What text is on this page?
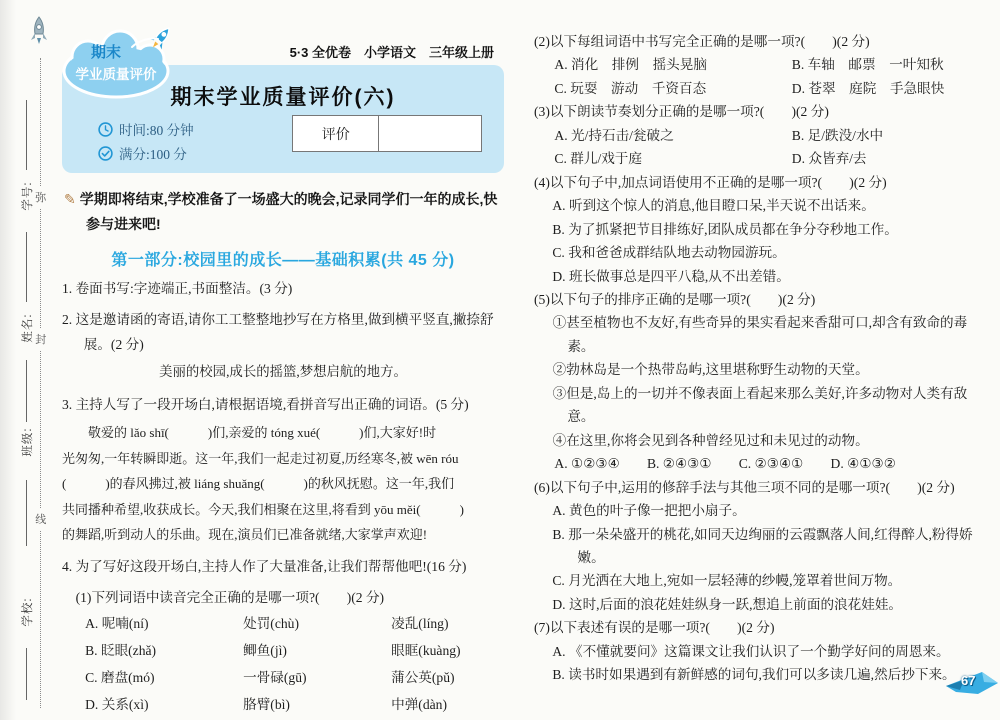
弥
封
线
学号:
姓名:
班级:
学校:
5·3 全优卷　小学语文　三年级上册
期末
学业质量评价
期末学业质量评价(六)
时间:80 分钟
满分:100 分
评价

✎ 学期即将结束,学校准备了一场盛大的晚会,记录同学们一年的成长,快参与进来吧!

第一部分:校园里的成长——基础积累(共 45 分)

1. 卷面书写:字迹端正,书面整洁。(3 分)

2. 这是邀请函的寄语,请你工工整整地抄写在方格里,做到横平竖直,撇捺舒展。(2 分)

美丽的校园,成长的摇篮,梦想启航的地方。

3. 主持人写了一段开场白,请根据语境,看拼音写出正确的词语。(5 分)

敬爱的 lǎo shī(　　　)们,亲爱的 tóng xué(　　　)们,大家好!时
光匆匆,一年转瞬即逝。这一年,我们一起走过初夏,历经寒冬,被 wēn róu
(　　　)的春风拂过,被 liáng shuǎng(　　　)的秋风抚慰。这一年,我们
共同播种希望,收获成长。今天,我们相聚在这里,将看到 yōu měi(　　　)
的舞蹈,听到动人的乐曲。现在,演员们已准备就绪,大家掌声欢迎!

4. 为了写好这段开场白,主持人作了大量准备,让我们帮帮他吧!(16 分)

(1)下列词语中读音完全正确的是哪一项?(　　)(2 分)

A. 呢喃(ní)	处罚(chù)	凌乱(líng)
B. 眨眼(zhǎ)	鲫鱼(jì)	眼眶(kuàng)
C. 磨盘(mó)	一骨碌(gū)	蒲公英(pǔ)
D. 关系(xì)	胳臂(bì)	中弹(dàn)
(2)以下每组词语中书写完全正确的是哪一项?(　　)(2 分)
A. 消化　排例　摇头晃脑	B. 车轴　邮票　一叶知秋
C. 玩耍　游动　千资百态	D. 苍翠　庭院　手急眼快
(3)以下朗读节奏划分正确的是哪一项?(　　)(2 分)
A. 光/持石击/瓮破之	B. 足/跌没/水中
C. 群儿/戏于庭	D. 众皆弃/去
(4)以下句子中,加点词语使用不正确的是哪一项?(　　)(2 分)
A. 听到这个惊人的消息,他目瞪口呆,半天说不出话来。
B. 为了抓紧把节目排练好,团队成员都在争分夺秒地工作。
C. 我和爸爸成群结队地去动物园游玩。
D. 班长做事总是四平八稳,从不出差错。
(5)以下句子的排序正确的是哪一项?(　　)(2 分)
①甚至植物也不友好,有些奇异的果实看起来香甜可口,却含有致命的毒素。
②勃林岛是一个热带岛屿,这里堪称野生动物的天堂。
③但是,岛上的一切并不像表面上看起来那么美好,许多动物对人类有敌意。
④在这里,你将会见到各种曾经见过和未见过的动物。
A. ①②③④　　B. ②④③①　　C. ②③④①　　D. ④①③②
(6)以下句子中,运用的修辞手法与其他三项不同的是哪一项?(　　)(2 分)
A. 黄色的叶子像一把把小扇子。
B. 那一朵朵盛开的桃花,如同天边绚丽的云霞飘落人间,红得醉人,粉得娇嫩。
C. 月光洒在大地上,宛如一层轻薄的纱幔,笼罩着世间万物。
D. 这时,后面的浪花娃娃纵身一跃,想追上前面的浪花娃娃。
(7)以下表述有误的是哪一项?(　　)(2 分)
A. 《不懂就要问》这篇课文让我们认识了一个勤学好问的周恩来。
B. 读书时如果遇到有新鲜感的词句,我们可以多读几遍,然后抄下来。 67
